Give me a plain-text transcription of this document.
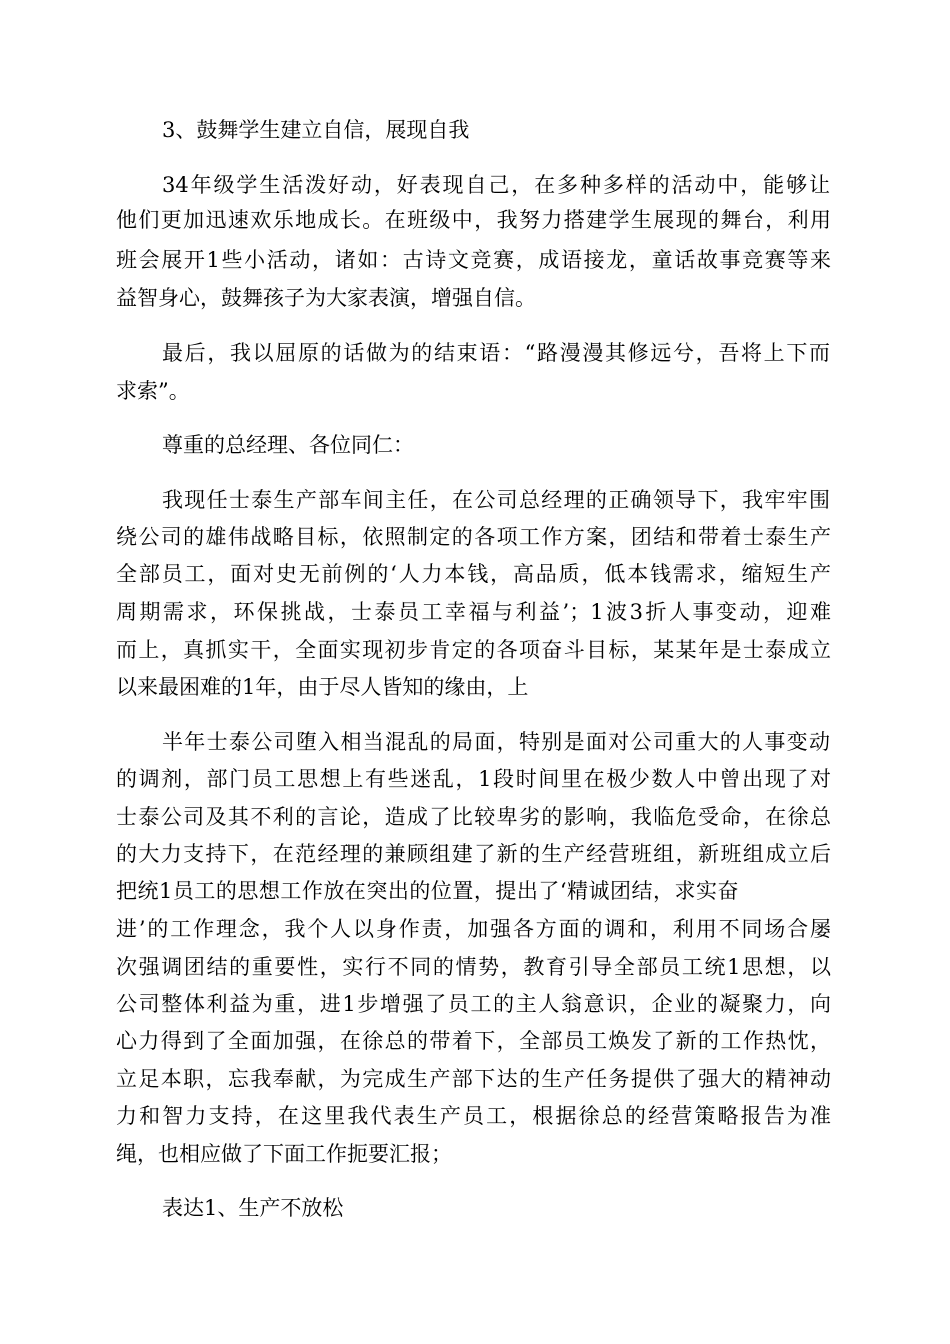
3、鼓舞学生建立自信，展现自我

34年级学生活泼好动，好表现自己，在多种多样的活动中，能够让

他们更加迅速欢乐地成长。在班级中，我努力搭建学生展现的舞台，利用

班会展开1些小活动，诸如：古诗文竞赛，成语接龙，童话故事竞赛等来

益智身心，鼓舞孩子为大家表演，增强自信。

最后，我以屈原的话做为的结束语：“路漫漫其修远兮，吾将上下而

求索”。

尊重的总经理、各位同仁：

我现任士泰生产部车间主任，在公司总经理的正确领导下，我牢牢围

绕公司的雄伟战略目标，依照制定的各项工作方案，团结和带着士泰生产

全部员工，面对史无前例的‘人力本钱，高品质，低本钱需求，缩短生产

周期需求，环保挑战，士泰员工幸福与利益’；1波3折人事变动，迎难

而上，真抓实干，全面实现初步肯定的各项奋斗目标，某某年是士泰成立

以来最困难的1年，由于尽人皆知的缘由，上

半年士泰公司堕入相当混乱的局面，特别是面对公司重大的人事变动

的调剂，部门员工思想上有些迷乱，1段时间里在极少数人中曾出现了对

士泰公司及其不利的言论，造成了比较卑劣的影响，我临危受命，在徐总

的大力支持下，在范经理的兼顾组建了新的生产经营班组，新班组成立后

把统1员工的思想工作放在突出的位置，提出了‘精诚团结，求实奋

进’的工作理念，我个人以身作责，加强各方面的调和，利用不同场合屡

次强调团结的重要性，实行不同的情势，教育引导全部员工统1思想，以

公司整体利益为重，进1步增强了员工的主人翁意识，企业的凝聚力，向

心力得到了全面加强，在徐总的带着下，全部员工焕发了新的工作热忱，

立足本职，忘我奉献，为完成生产部下达的生产任务提供了强大的精神动

力和智力支持，在这里我代表生产员工，根据徐总的经营策略报告为准

绳，也相应做了下面工作扼要汇报；

表达1、生产不放松
